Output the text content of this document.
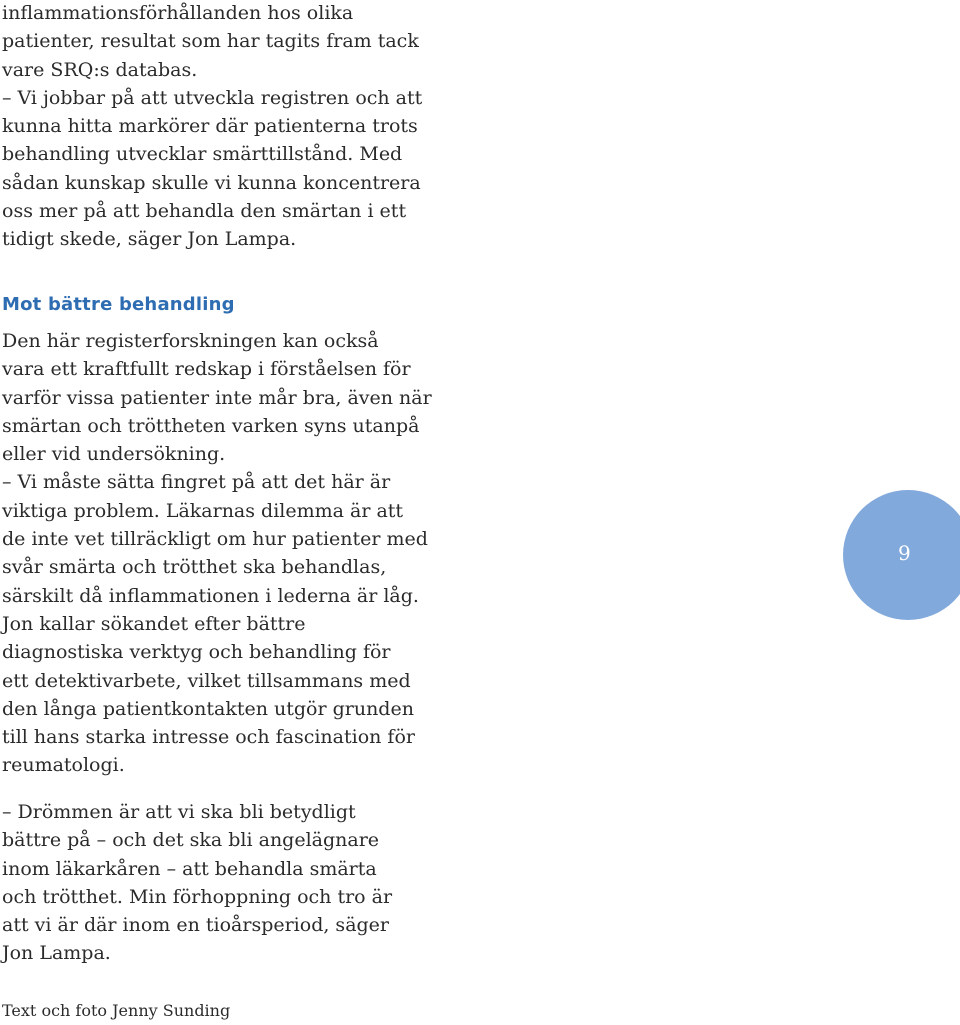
inflammationsförhållanden hos olika
patienter, resultat som har tagits fram tack
vare SRQ:s databas.
– Vi jobbar på att utveckla registren och att
kunna hitta markörer där patienterna trots
behandling utvecklar smärttillstånd. Med
sådan kunskap skulle vi kunna koncentrera
oss mer på att behandla den smärtan i ett
tidigt skede, säger Jon Lampa.
Mot bättre behandling
Den här registerforskningen kan också
vara ett kraftfullt redskap i förståelsen för
varför vissa patienter inte mår bra, även när
smärtan och tröttheten varken syns utanpå
eller vid undersökning.
– Vi måste sätta fingret på att det här är
viktiga problem. Läkarnas dilemma är att
de inte vet tillräckligt om hur patienter med
svår smärta och trötthet ska behandlas,
särskilt då inflammationen i lederna är låg.
Jon kallar sökandet efter bättre
diagnostiska verktyg och behandling för
ett detektivarbete, vilket tillsammans med
den långa patientkontakten utgör grunden
till hans starka intresse och fascination för
reumatologi.
– Drömmen är att vi ska bli betydligt
bättre på – och det ska bli angelägnare
inom läkarkåren – att behandla smärta
och trötthet. Min förhoppning och tro är
att vi är där inom en tioårsperiod, säger
Jon Lampa.
Text och foto Jenny Sunding
9
